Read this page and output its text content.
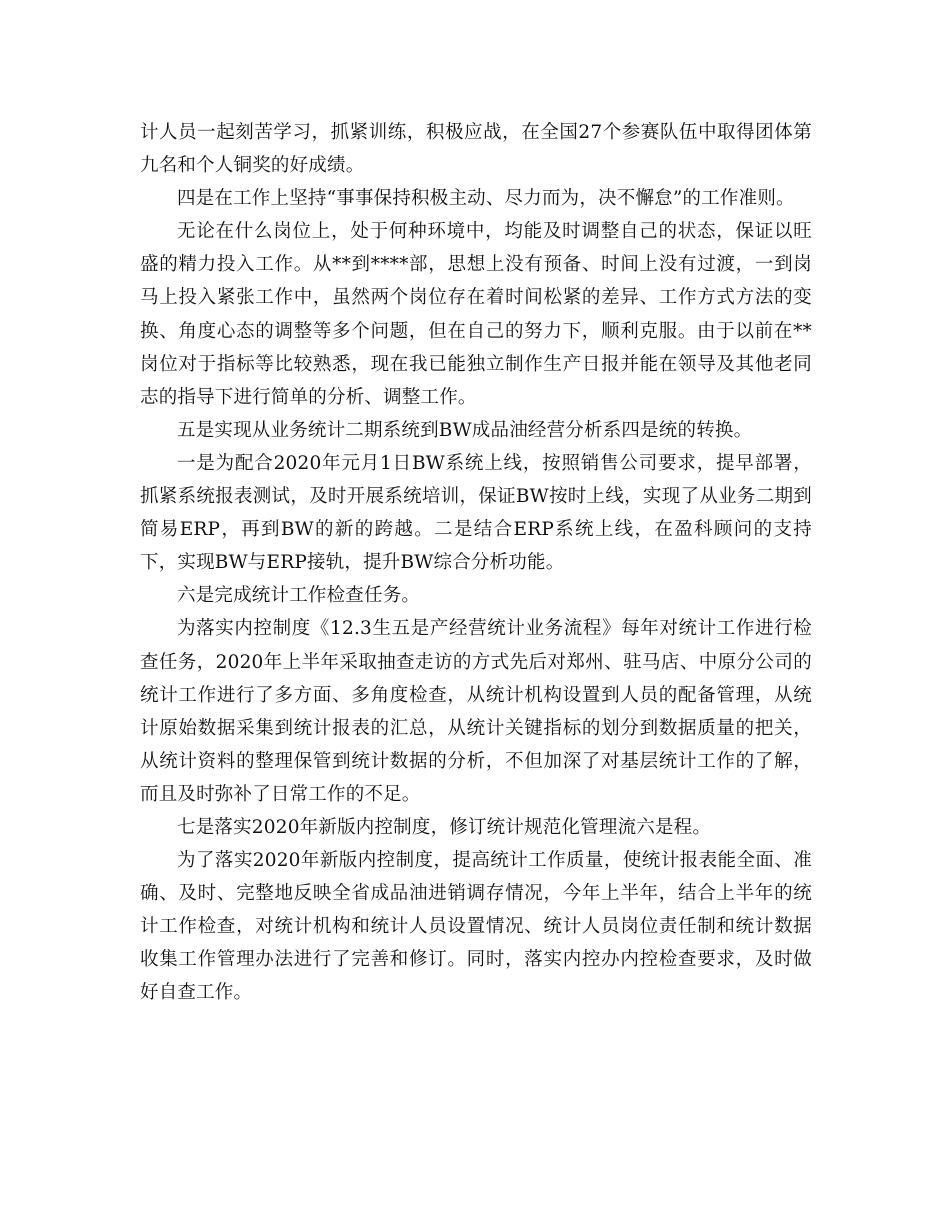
计人员一起刻苦学习，抓紧训练，积极应战，在全国27个参赛队伍中取得团体第九名和个人铜奖的好成绩。

四是在工作上坚持“事事保持积极主动、尽力而为，决不懈怠”的工作准则。

无论在什么岗位上，处于何种环境中，均能及时调整自己的状态，保证以旺盛的精力投入工作。从**到****部，思想上没有预备、时间上没有过渡，一到岗马上投入紧张工作中，虽然两个岗位存在着时间松紧的差异、工作方式方法的变换、角度心态的调整等多个问题，但在自己的努力下，顺利克服。由于以前在**岗位对于指标等比较熟悉，现在我已能独立制作生产日报并能在领导及其他老同志的指导下进行简单的分析、调整工作。

五是实现从业务统计二期系统到BW成品油经营分析系四是统的转换。

一是为配合2020年元月1日BW系统上线，按照销售公司要求，提早部署，抓紧系统报表测试，及时开展系统培训，保证BW按时上线，实现了从业务二期到简易ERP，再到BW的新的跨越。二是结合ERP系统上线，在盈科顾问的支持下，实现BW与ERP接轨，提升BW综合分析功能。

六是完成统计工作检查任务。

为落实内控制度《12.3生五是产经营统计业务流程》每年对统计工作进行检查任务，2020年上半年采取抽查走访的方式先后对郑州、驻马店、中原分公司的统计工作进行了多方面、多角度检查，从统计机构设置到人员的配备管理，从统计原始数据采集到统计报表的汇总，从统计关键指标的划分到数据质量的把关，从统计资料的整理保管到统计数据的分析，不但加深了对基层统计工作的了解，而且及时弥补了日常工作的不足。

七是落实2020年新版内控制度，修订统计规范化管理流六是程。

为了落实2020年新版内控制度，提高统计工作质量，使统计报表能全面、准确、及时、完整地反映全省成品油进销调存情况，今年上半年，结合上半年的统计工作检查，对统计机构和统计人员设置情况、统计人员岗位责任制和统计数据收集工作管理办法进行了完善和修订。同时，落实内控办内控检查要求，及时做好自查工作。
